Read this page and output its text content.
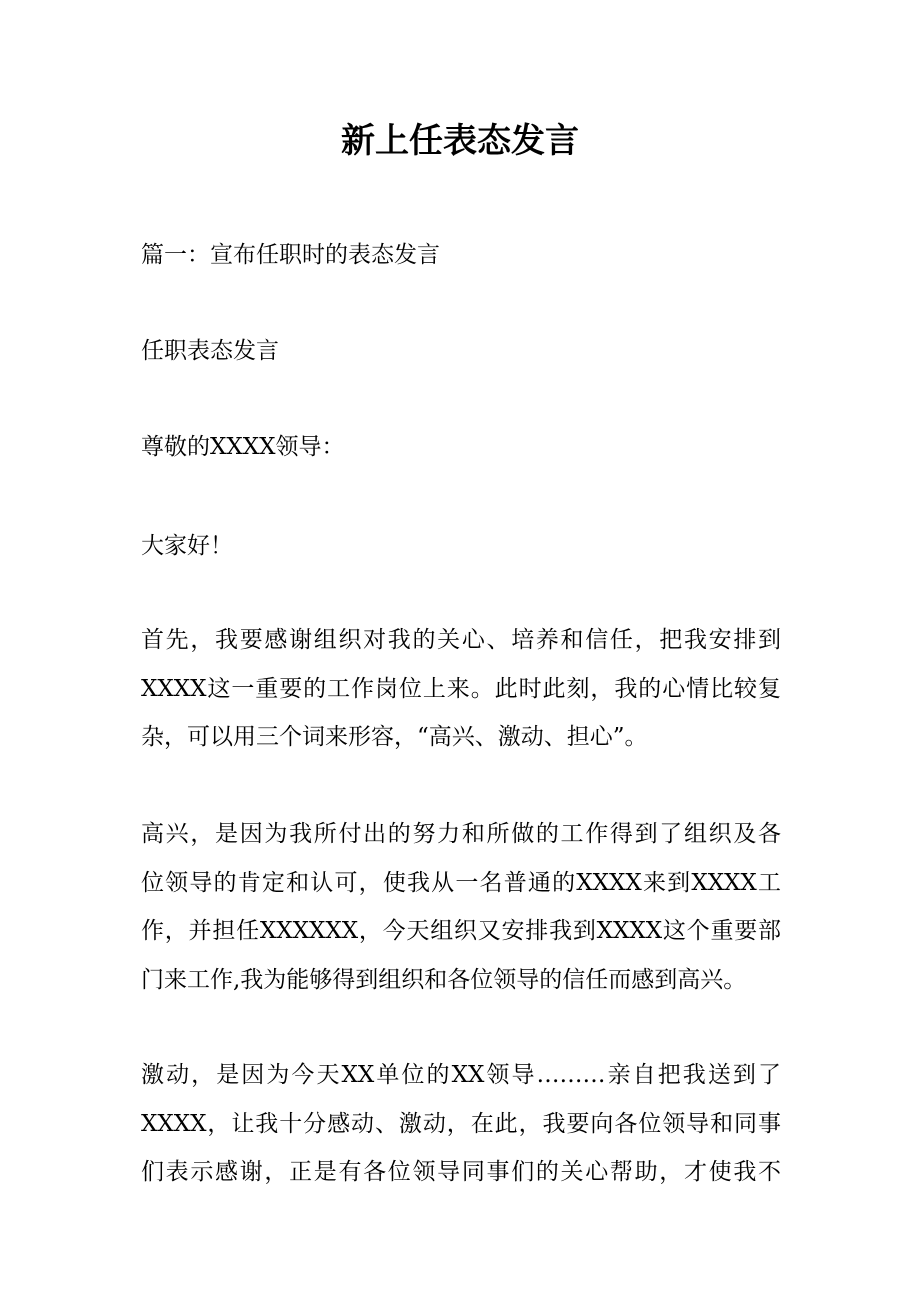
新上任表态发言

篇一：宣布任职时的表态发言

任职表态发言

尊敬的XXXX领导：

大家好！

首先，我要感谢组织对我的关心、培养和信任，把我安排到
XXXX这一重要的工作岗位上来。此时此刻，我的心情比较复
杂，可以用三个词来形容，“高兴、激动、担心”。
高兴，是因为我所付出的努力和所做的工作得到了组织及各
位领导的肯定和认可，使我从一名普通的XXXX来到XXXX工
作，并担任XXXXXX，今天组织又安排我到XXXX这个重要部
门来工作,我为能够得到组织和各位领导的信任而感到高兴。
激动，是因为今天XX单位的XX领导………亲自把我送到了
XXXX，让我十分感动、激动，在此，我要向各位领导和同事
们表示感谢，正是有各位领导同事们的关心帮助，才使我不
